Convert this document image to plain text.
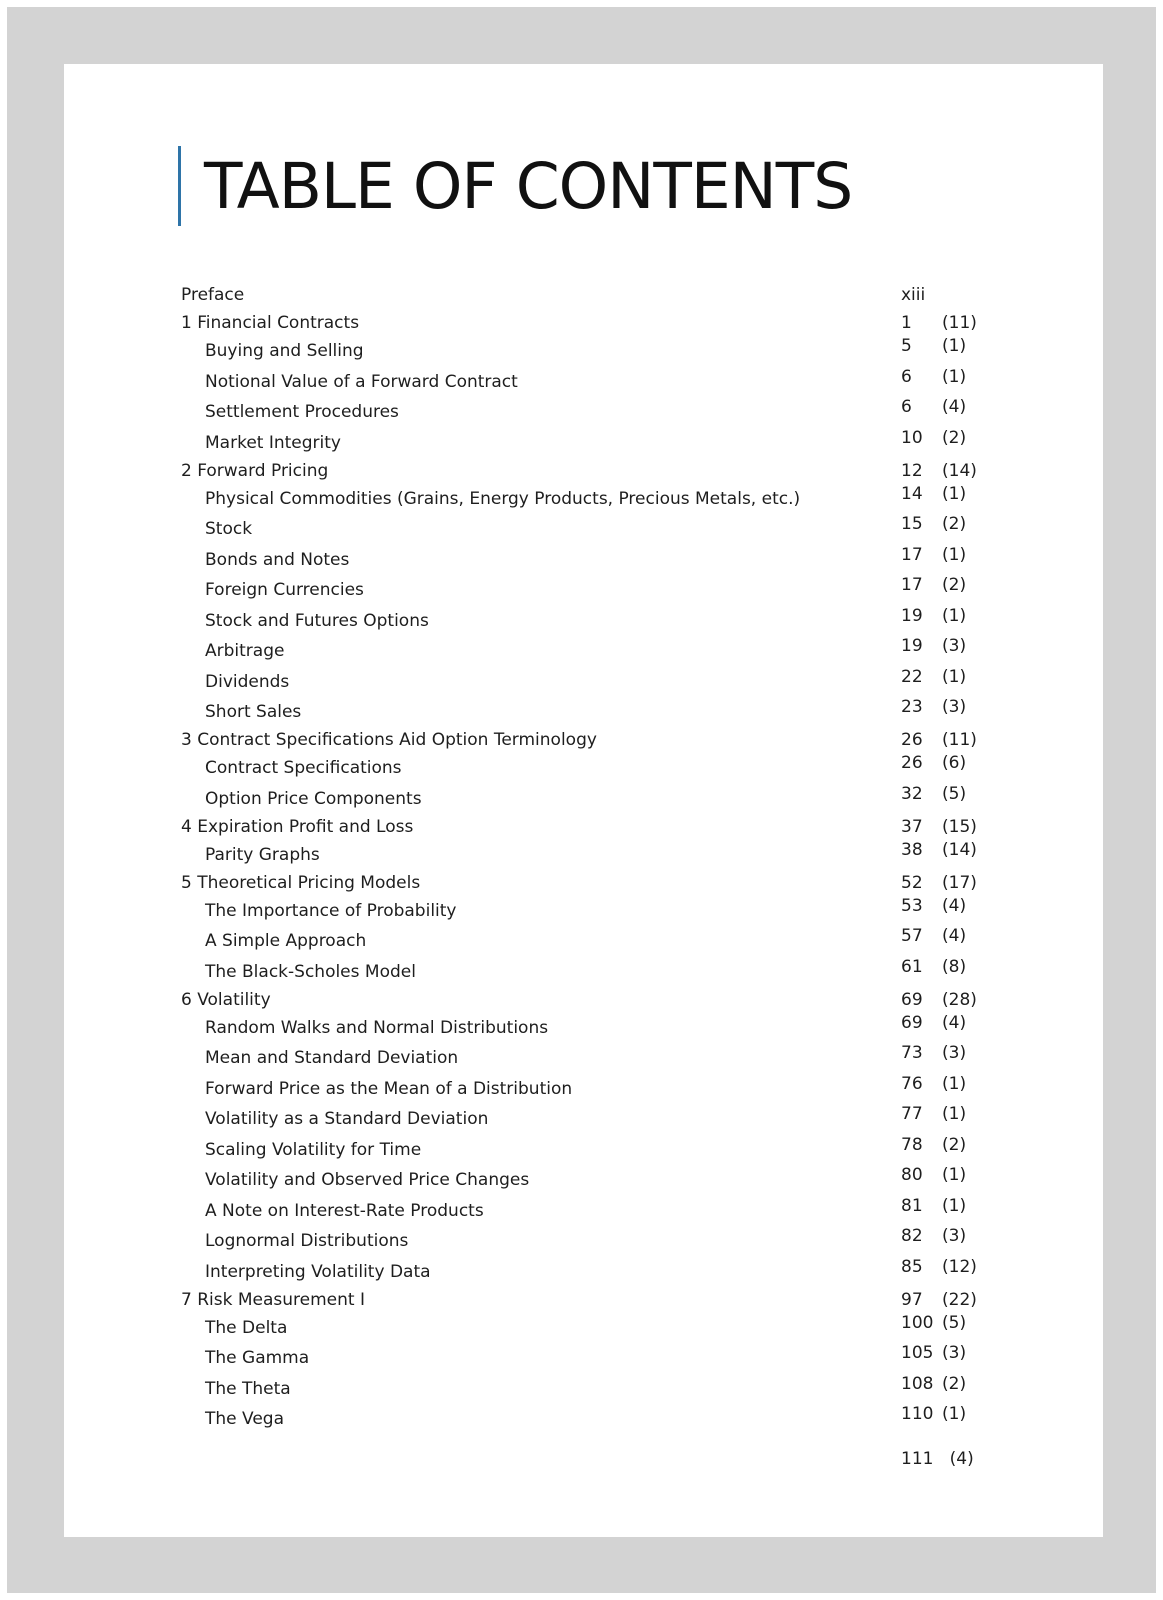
TABLE OF CONTENTS
Preface	xiii
1 Financial Contracts	1 (11)
Buying and Selling	5 (1)
Notional Value of a Forward Contract	6 (1)
Settlement Procedures	6 (4)
Market Integrity	10 (2)
2 Forward Pricing	12 (14)
Physical Commodities (Grains, Energy Products, Precious Metals, etc.)	14 (1)
Stock	15 (2)
Bonds and Notes	17 (1)
Foreign Currencies	17 (2)
Stock and Futures Options	19 (1)
Arbitrage	19 (3)
Dividends	22 (1)
Short Sales	23 (3)
3 Contract Specifications Aid Option Terminology	26 (11)
Contract Specifications	26 (6)
Option Price Components	32 (5)
4 Expiration Profit and Loss	37 (15)
Parity Graphs	38 (14)
5 Theoretical Pricing Models	52 (17)
The Importance of Probability	53 (4)
A Simple Approach	57 (4)
The Black-Scholes Model	61 (8)
6 Volatility	69 (28)
Random Walks and Normal Distributions	69 (4)
Mean and Standard Deviation	73 (3)
Forward Price as the Mean of a Distribution	76 (1)
Volatility as a Standard Deviation	77 (1)
Scaling Volatility for Time	78 (2)
Volatility and Observed Price Changes	80 (1)
A Note on Interest-Rate Products	81 (1)
Lognormal Distributions	82 (3)
Interpreting Volatility Data	85 (12)
7 Risk Measurement I	97 (22)
The Delta	100 (5)
The Gamma	105 (3)
The Theta	108 (2)
The Vega	110 (1)
111   (4)
